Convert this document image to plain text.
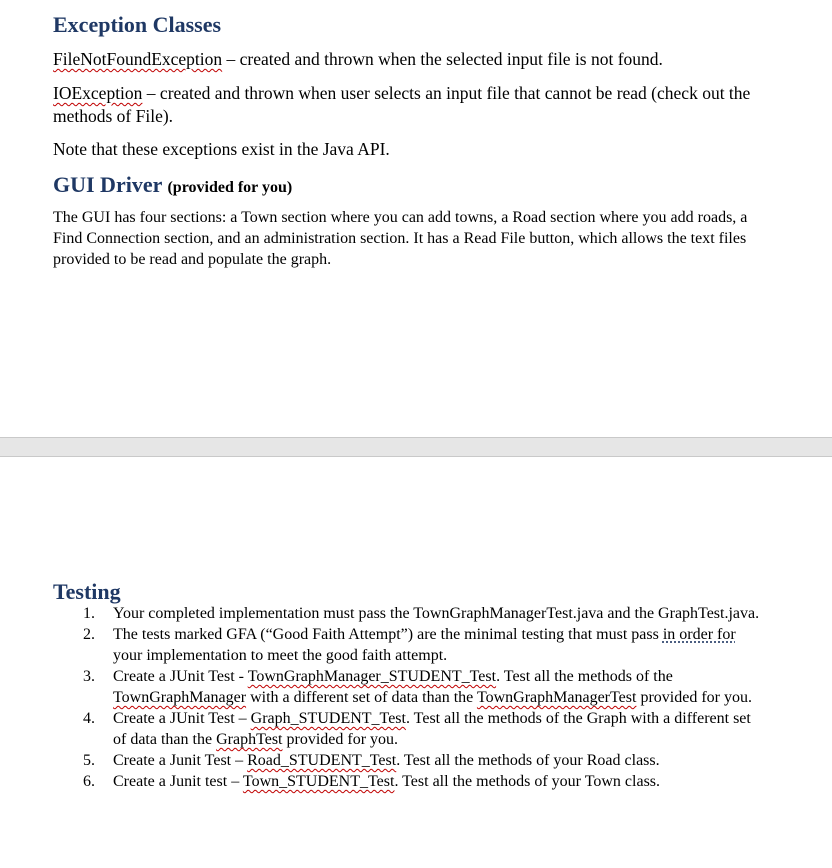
Exception Classes

FileNotFoundException – created and thrown when the selected input file is not found.

IOException – created and thrown when user selects an input file that cannot be read (check out the methods of File).

Note that these exceptions exist in the Java API.

GUI Driver (provided for you)

The GUI has four sections: a Town section where you can add towns, a Road section where you add roads, a Find Connection section, and an administration section. It has a Read File button, which allows the text files provided to be read and populate the graph.

Testing
1. Your completed implementation must pass the TownGraphManagerTest.java and the GraphTest.java.
2. The tests marked GFA (“Good Faith Attempt”) are the minimal testing that must pass in order for your implementation to meet the good faith attempt.
3. Create a JUnit Test - TownGraphManager_STUDENT_Test. Test all the methods of the TownGraphManager with a different set of data than the TownGraphManagerTest provided for you.
4. Create a JUnit Test – Graph_STUDENT_Test. Test all the methods of the Graph with a different set of data than the GraphTest provided for you.
5. Create a Junit Test – Road_STUDENT_Test. Test all the methods of your Road class.
6. Create a Junit test – Town_STUDENT_Test. Test all the methods of your Town class.
